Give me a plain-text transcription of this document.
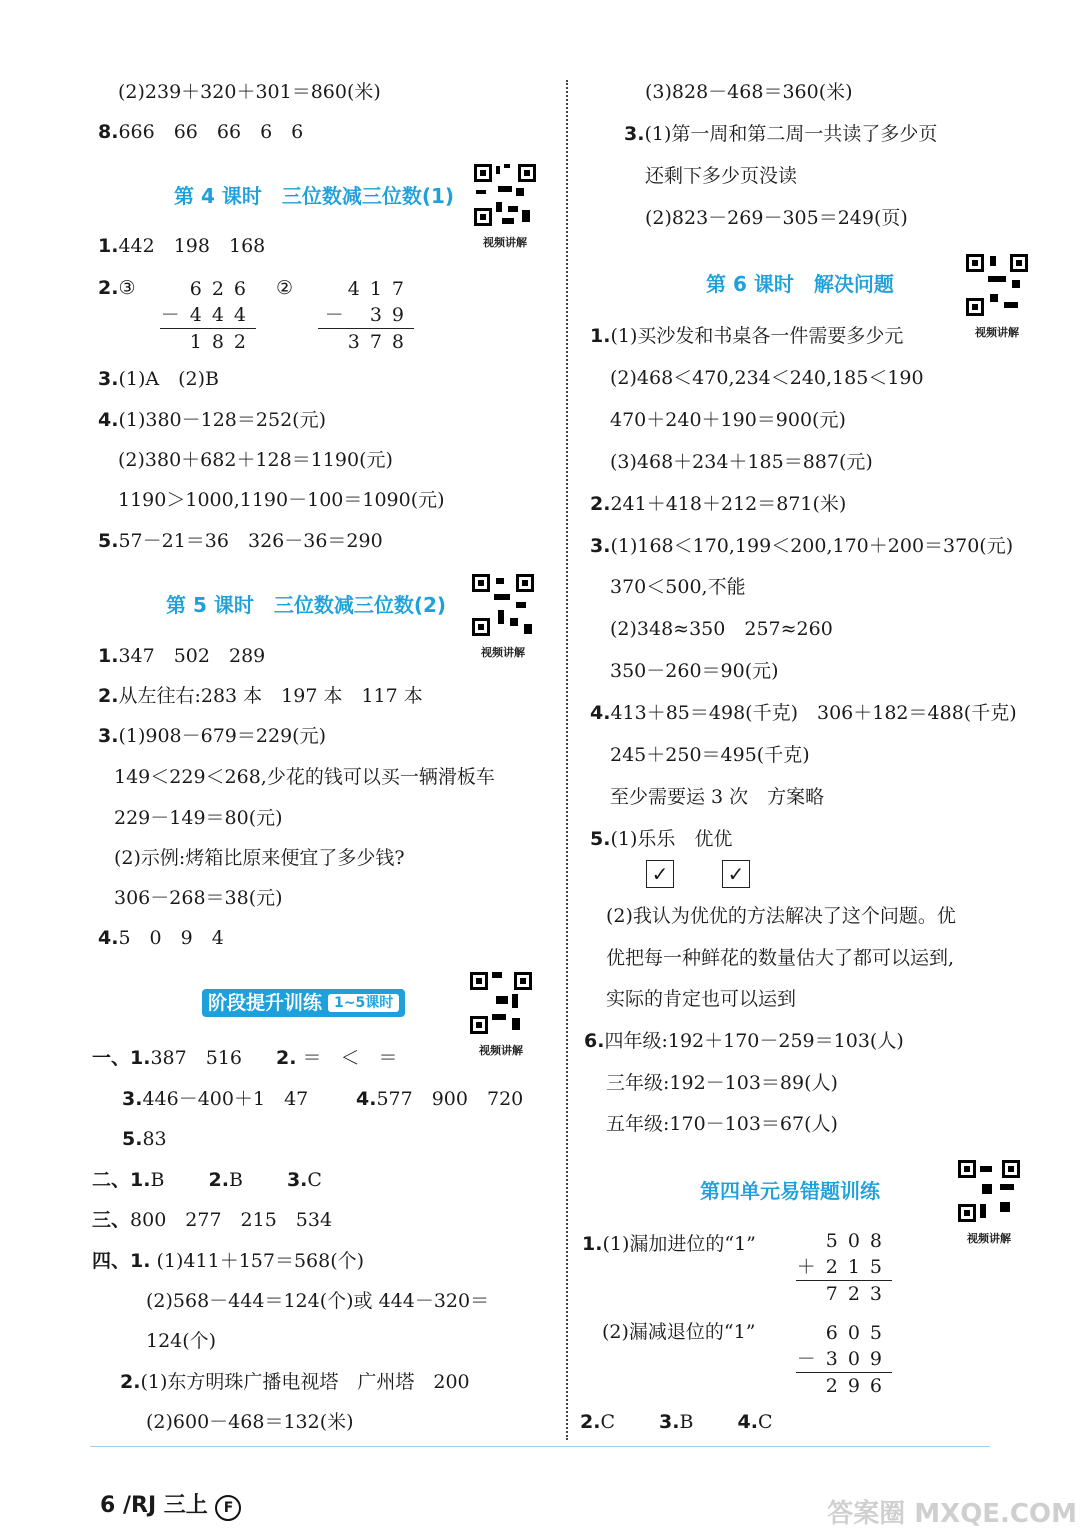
(2)239＋320＋301＝860(米)
8.666　66　66　6　6
第 4 课时　三位数减三位数(1)
视频讲解
1.442　198　168
2.③	②
626
－444
182
417
－ 39
378
3.(1)A　(2)B
4.(1)380－128＝252(元)
(2)380＋682＋128＝1190(元)
1190＞1000,1190－100＝1090(元)
5.57－21＝36　326－36＝290
第 5 课时　三位数减三位数(2)
视频讲解
1.347　502　289
2.从左往右:283 本　197 本　117 本
3.(1)908－679＝229(元)
149＜229＜268,少花的钱可以买一辆滑板车
229－149＝80(元)
(2)示例:烤箱比原来便宜了多少钱?
306－268＝38(元)
4.5　0　9　4
阶段提升训练 1~5课时
视频讲解
一、1.387　516 2. ＝　＜　＝
3.446－400＋1　47	4.577　900　720
5.83
二、1.B 2.B 3.C
三、800　277　215　534
四、1. (1)411＋157＝568(个)
(2)568－444＝124(个)或 444－320＝
124(个)
2.(1)东方明珠广播电视塔　广州塔　200
(2)600－468＝132(米)
(3)828－468＝360(米)
3.(1)第一周和第二周一共读了多少页
还剩下多少页没读
(2)823－269－305＝249(页)
第 6 课时　解决问题
视频讲解
1.(1)买沙发和书桌各一件需要多少元
(2)468＜470,234＜240,185＜190
470＋240＋190＝900(元)
(3)468＋234＋185＝887(元)
2.241＋418＋212＝871(米)
3.(1)168＜170,199＜200,170＋200＝370(元)
370＜500,不能
(2)348≈350　257≈260
350－260＝90(元)
4.413＋85＝498(千克)　306＋182＝488(千克)
245＋250＝495(千克)
至少需要运 3 次　方案略
5.(1)乐乐　优优
✓	✓
(2)我认为优优的方法解决了这个问题。优
优把每一种鲜花的数量估大了都可以运到,
实际的肯定也可以运到
6.四年级:192＋170－259＝103(人)
三年级:192－103＝89(人)
五年级:170－103＝67(人)
第四单元易错题训练
视频讲解
1.(1)漏加进位的“1”	508
＋215
723
(2)漏减退位的“1”	605
－309
296
2.C 3.B 4.C
6 /RJ 三上 F	答案圈 MXQE.COM
